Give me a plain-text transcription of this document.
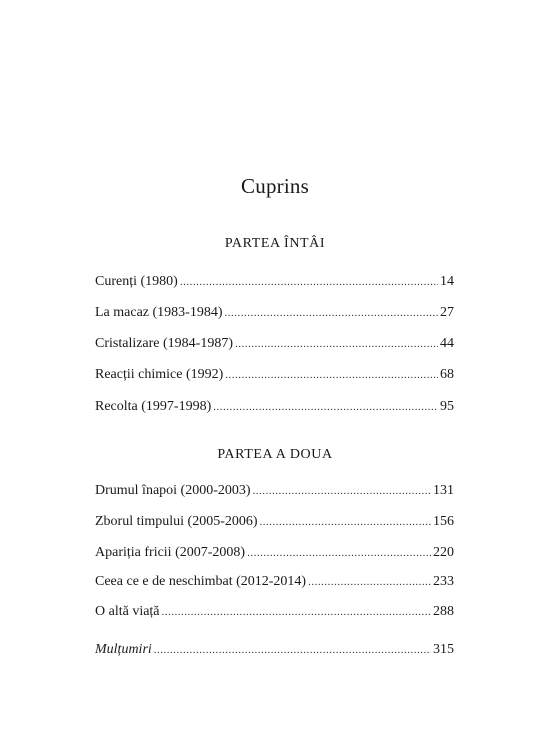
Cuprins
PARTEA ÎNTÂI
Curenți (1980) .....	14
La macaz (1983-1984) .....	27
Cristalizare (1984-1987) .....	44
Reacții chimice (1992) .....	68
Recolta (1997-1998) .....	95
PARTEA A DOUA
Drumul înapoi (2000-2003) .....	131
Zborul timpului (2005-2006) .....	156
Apariția fricii (2007-2008) .....	220
Ceea ce e de neschimbat (2012-2014) .....	233
O altă viață .....	288
Mulțumiri .....	315
